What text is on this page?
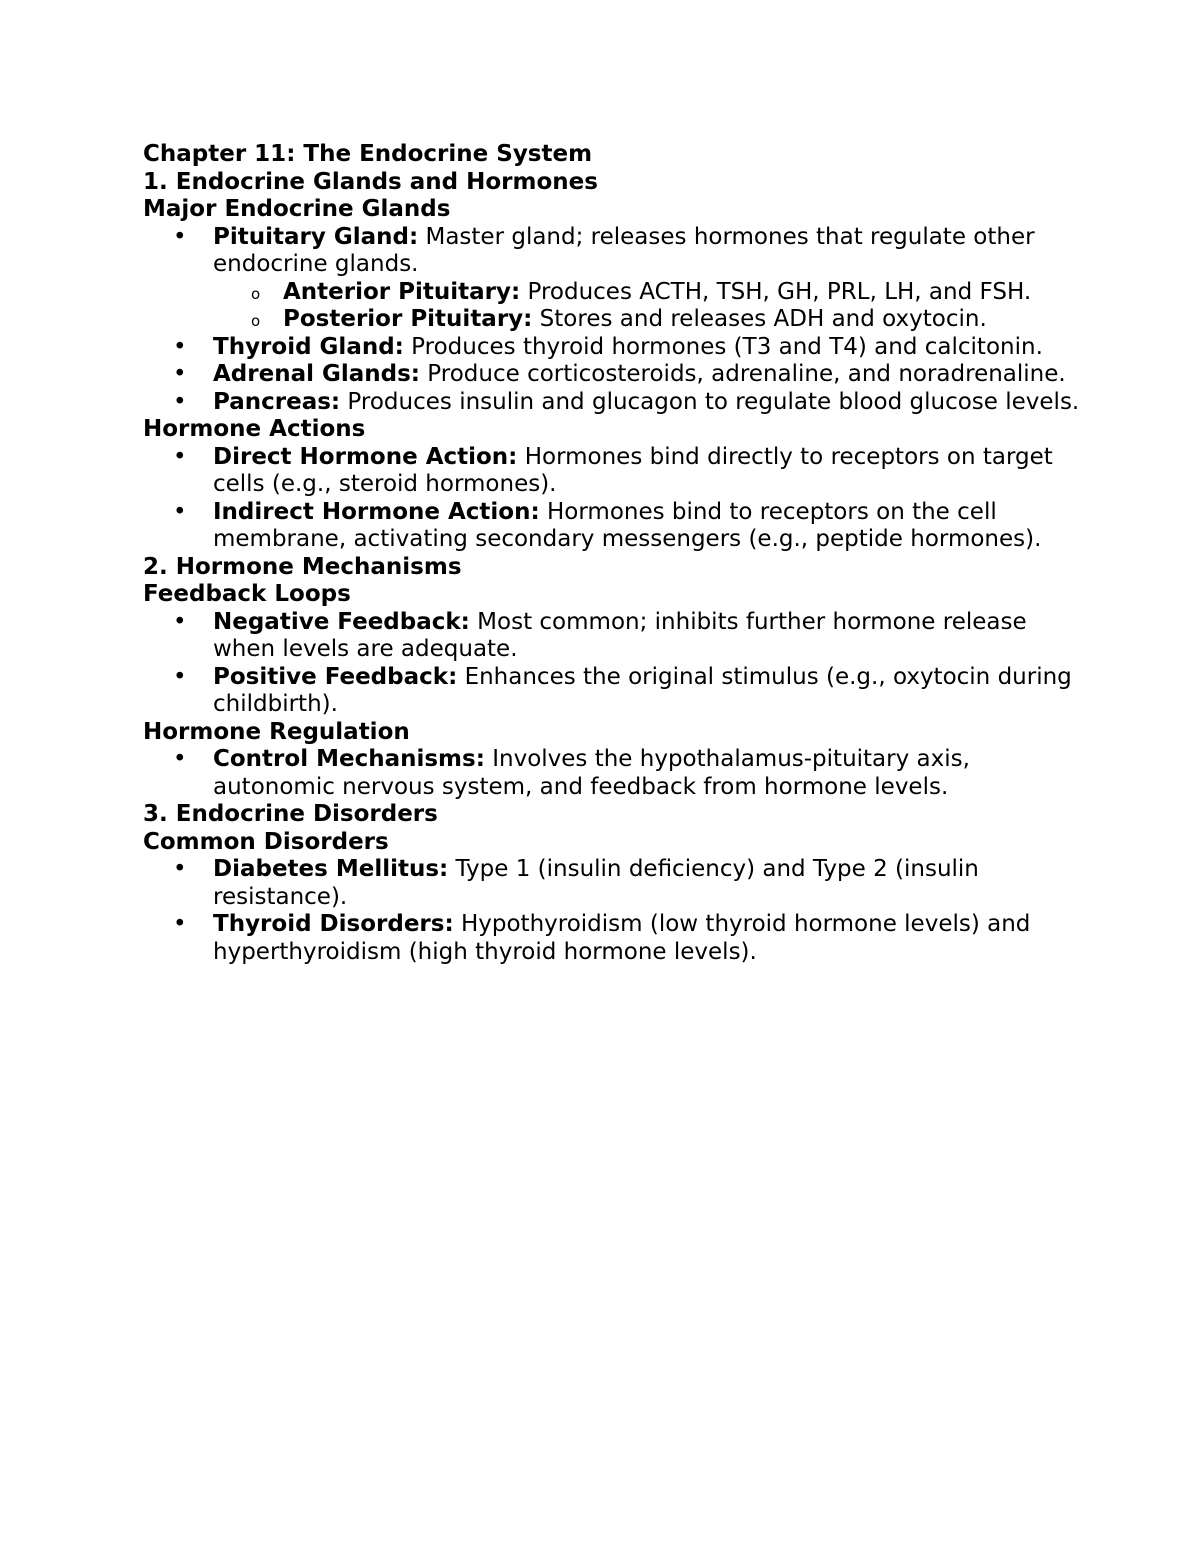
Chapter 11: The Endocrine System

1. Endocrine Glands and Hormones

Major Endocrine Glands

• Pituitary Gland: Master gland; releases hormones that regulate other endocrine glands.
o Anterior Pituitary: Produces ACTH, TSH, GH, PRL, LH, and FSH.
o Posterior Pituitary: Stores and releases ADH and oxytocin.
• Thyroid Gland: Produces thyroid hormones (T3 and T4) and calcitonin.
• Adrenal Glands: Produce corticosteroids, adrenaline, and noradrenaline.
• Pancreas: Produces insulin and glucagon to regulate blood glucose levels.

Hormone Actions

• Direct Hormone Action: Hormones bind directly to receptors on target cells (e.g., steroid hormones).
• Indirect Hormone Action: Hormones bind to receptors on the cell membrane, activating secondary messengers (e.g., peptide hormones).

2. Hormone Mechanisms

Feedback Loops

• Negative Feedback: Most common; inhibits further hormone release when levels are adequate.
• Positive Feedback: Enhances the original stimulus (e.g., oxytocin during childbirth).

Hormone Regulation

• Control Mechanisms: Involves the hypothalamus-pituitary axis, autonomic nervous system, and feedback from hormone levels.

3. Endocrine Disorders

Common Disorders

• Diabetes Mellitus: Type 1 (insulin deficiency) and Type 2 (insulin resistance).
• Thyroid Disorders: Hypothyroidism (low thyroid hormone levels) and hyperthyroidism (high thyroid hormone levels).
